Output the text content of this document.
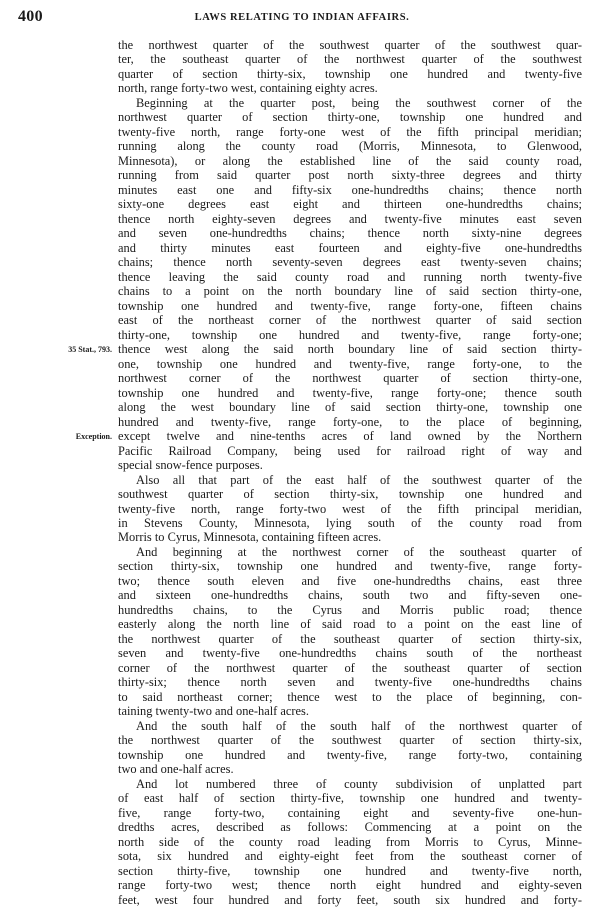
400	LAWS RELATING TO INDIAN AFFAIRS.
35 Stat., 793.
Exception.
the northwest quarter of the southwest quarter of the southwest quar-
ter, the southeast quarter of the northwest quarter of the southwest
quarter of section thirty-six, township one hundred and twenty-five
north, range forty-two west, containing eighty acres.
Beginning at the quarter post, being the southwest corner of the
northwest quarter of section thirty-one, township one hundred and
twenty-five north, range forty-one west of the fifth principal meridian;
running along the county road (Morris, Minnesota, to Glenwood,
Minnesota), or along the established line of the said county road,
running from said quarter post north sixty-three degrees and thirty
minutes east one and fifty-six one-hundredths chains; thence north
sixty-one degrees east eight and thirteen one-hundredths chains;
thence north eighty-seven degrees and twenty-five minutes east seven
and seven one-hundredths chains; thence north sixty-nine degrees
and thirty minutes east fourteen and eighty-five one-hundredths
chains; thence north seventy-seven degrees east twenty-seven chains;
thence leaving the said county road and running north twenty-five
chains to a point on the north boundary line of said section thirty-one,
township one hundred and twenty-five, range forty-one, fifteen chains
east of the northeast corner of the northwest quarter of said section
thirty-one, township one hundred and twenty-five, range forty-one;
thence west along the said north boundary line of said section thirty-
one, township one hundred and twenty-five, range forty-one, to the
northwest corner of the northwest quarter of section thirty-one,
township one hundred and twenty-five, range forty-one; thence south
along the west boundary line of said section thirty-one, township one
hundred and twenty-five, range forty-one, to the place of beginning,
except twelve and nine-tenths acres of land owned by the Northern
Pacific Railroad Company, being used for railroad right of way and
special snow-fence purposes.
Also all that part of the east half of the southwest quarter of the
southwest quarter of section thirty-six, township one hundred and
twenty-five north, range forty-two west of the fifth principal meridian,
in Stevens County, Minnesota, lying south of the county road from
Morris to Cyrus, Minnesota, containing fifteen acres.
And beginning at the northwest corner of the southeast quarter of
section thirty-six, township one hundred and twenty-five, range forty-
two; thence south eleven and five one-hundredths chains, east three
and sixteen one-hundredths chains, south two and fifty-seven one-
hundredths chains, to the Cyrus and Morris public road; thence
easterly along the north line of said road to a point on the east line of
the northwest quarter of the southeast quarter of section thirty-six,
seven and twenty-five one-hundredths chains south of the northeast
corner of the northwest quarter of the southeast quarter of section
thirty-six; thence north seven and twenty-five one-hundredths chains
to said northeast corner; thence west to the place of beginning, con-
taining twenty-two and one-half acres.
And the south half of the south half of the northwest quarter of
the northwest quarter of the southwest quarter of section thirty-six,
township one hundred and twenty-five, range forty-two, containing
two and one-half acres.
And lot numbered three of county subdivision of unplatted part
of east half of section thirty-five, township one hundred and twenty-
five, range forty-two, containing eight and seventy-five one-hun-
dredths acres, described as follows: Commencing at a point on the
north side of the county road leading from Morris to Cyrus, Minne-
sota, six hundred and eighty-eight feet from the southeast corner of
section thirty-five, township one hundred and twenty-five north,
range forty-two west; thence north eight hundred and eighty-seven
feet, west four hundred and forty feet, south six hundred and forty-
